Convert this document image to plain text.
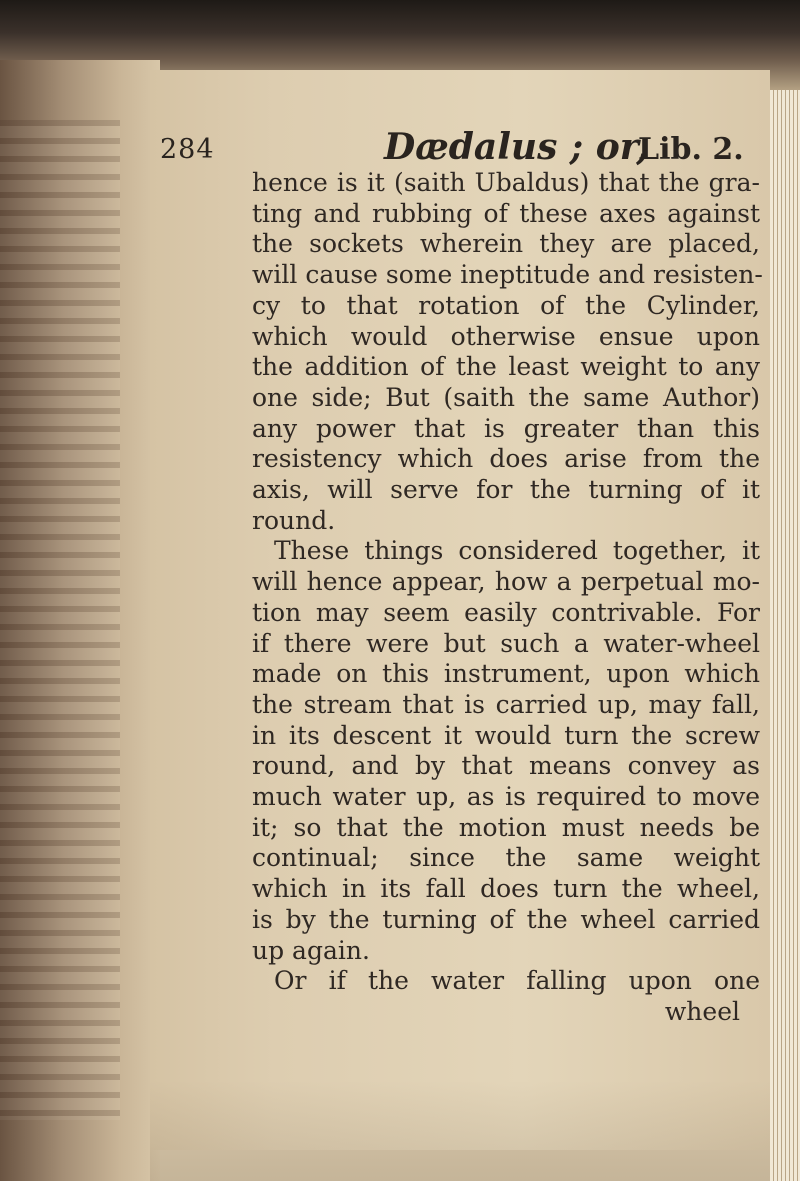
284	Dædalus ; or,
Lib. 2.
hence is it (saith Ubaldus) that the gra-
ting and rubbing of these axes against
the sockets wherein they are placed,
will cause some ineptitude and resisten-
cy to that rotation of the Cylinder,
which would otherwise ensue upon
the addition of the least weight to any
one side; But (saith the same Author)
any power that is greater than this
resistency which does arise from the
axis, will serve for the turning of it
round.
These things considered together, it
will hence appear, how a perpetual mo-
tion may seem easily contrivable. For
if there were but such a water-wheel
made on this instrument, upon which
the stream that is carried up, may fall,
in its descent it would turn the screw
round, and by that means convey as
much water up, as is required to move
it; so that the motion must needs be
continual; since the same weight
which in its fall does turn the wheel,
is by the turning of the wheel carried
up again.
Or if the water falling upon one
wheel
